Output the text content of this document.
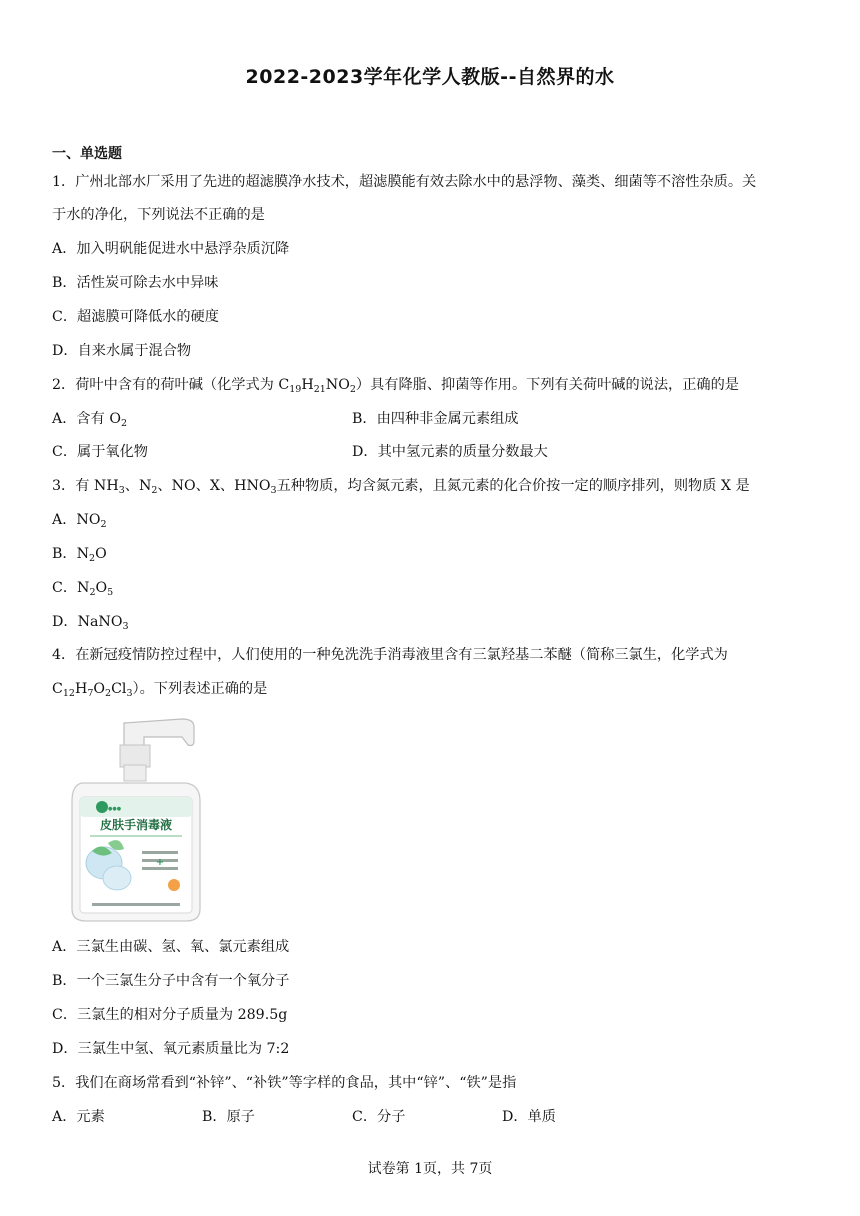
2022-2023学年化学人教版--自然界的水
一、单选题
1．广州北部水厂采用了先进的超滤膜净水技术，超滤膜能有效去除水中的悬浮物、藻类、细菌等不溶性杂质。关
于水的净化，下列说法不正确的是
A．加入明矾能促进水中悬浮杂质沉降
B．活性炭可除去水中异味
C．超滤膜可降低水的硬度
D．自来水属于混合物
2．荷叶中含有的荷叶碱（化学式为 $C_{19}H_{21}NO_2$）具有降脂、抑菌等作用。下列有关荷叶碱的说法，正确的是
A．含有 $O_2$	B．由四种非金属元素组成
C．属于氧化物	D．其中氢元素的质量分数最大
3．有 $NH_3$、$N_2$、NO、X、$HNO_3$五种物质，均含氮元素，且氮元素的化合价按一定的顺序排列，则物质 X 是
A．$NO_2$
B．$N_2O$
C．$N_2O_5$
D．NaNO$_3$
4．在新冠疫情防控过程中，人们使用的一种免洗洗手消毒液里含有三氯羟基二苯醚（简称三氯生，化学式为
$C_{12}H_7O_2Cl_3$）。下列表述正确的是
●●●
皮肤手消毒液
+
A．三氯生由碳、氢、氧、氯元素组成
B．一个三氯生分子中含有一个氧分子
C．三氯生的相对分子质量为 289.5g
D．三氯生中氢、氧元素质量比为 7:2
5．我们在商场常看到“补锌”、“补铁”等字样的食品，其中“锌”、“铁”是指
A．元素	B．原子	C．分子	D．单质
试卷第 1页，共 7页
